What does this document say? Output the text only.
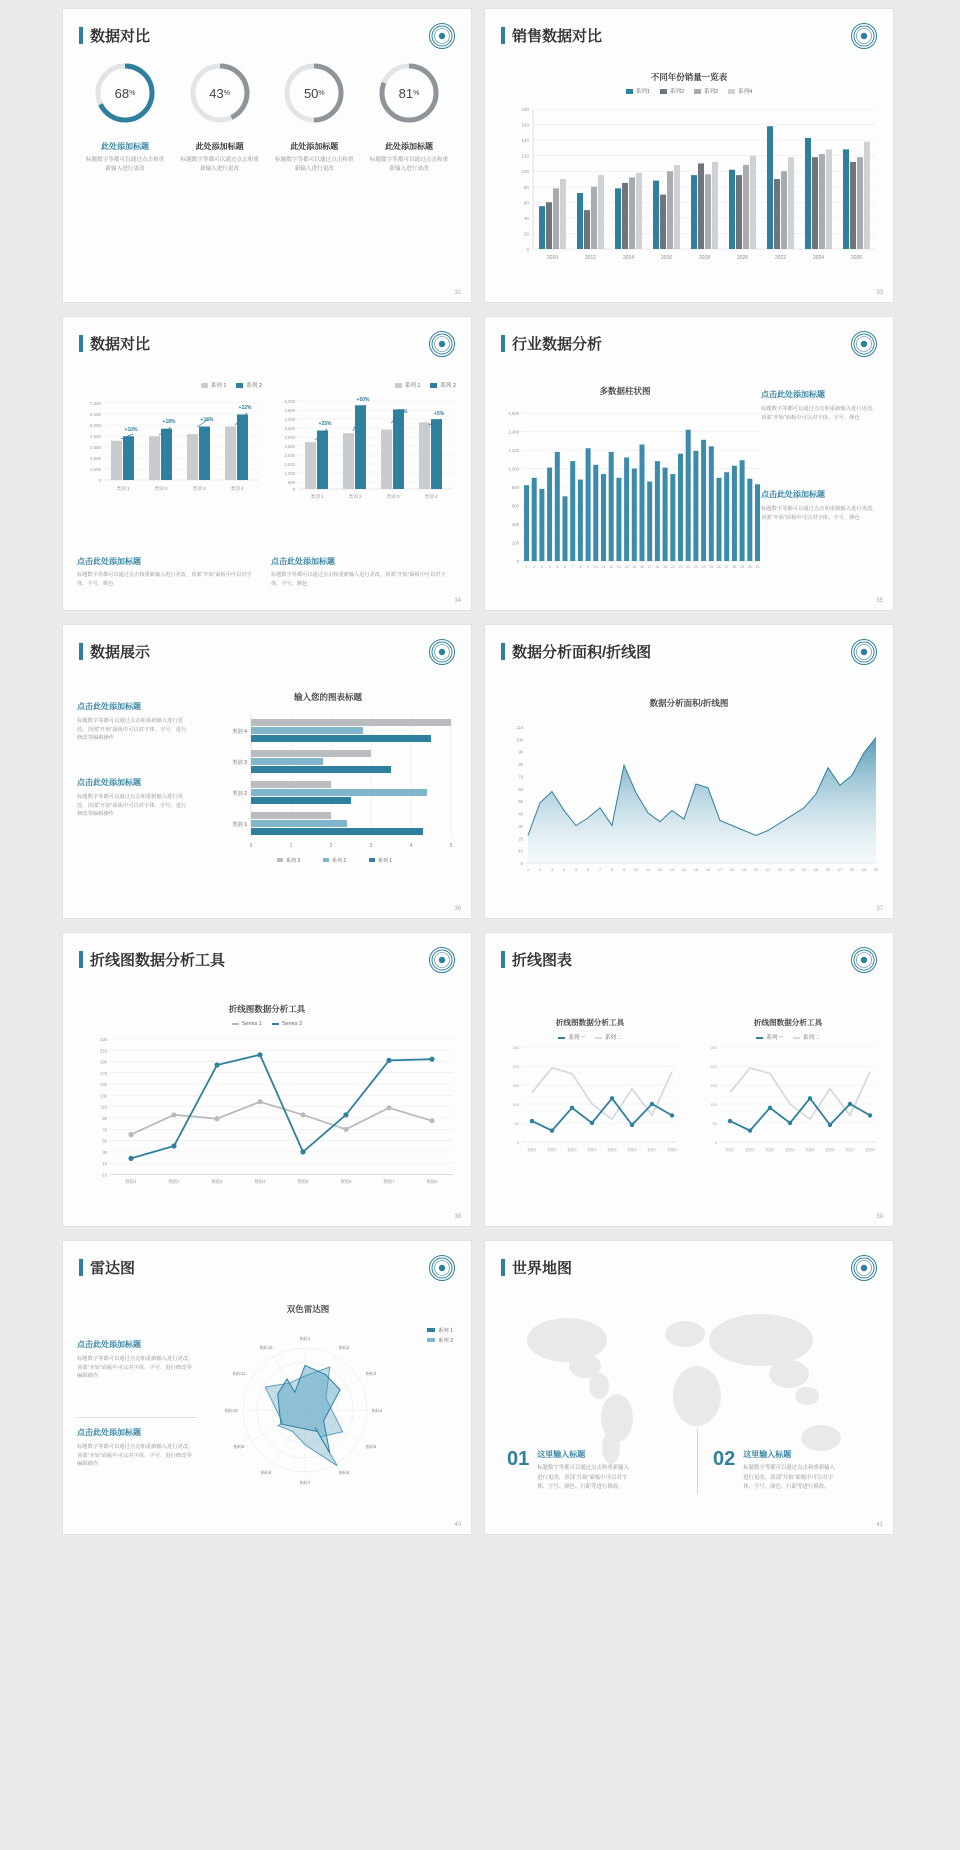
数据对比
68 %
此处添加标题
标题数字等都可以通过点击和重新输入进行更改
43 %
此处添加标题
标题数字等都可以通过点击和重新输入进行更改
50 %
此处添加标题
标题数字等都可以通过点击和重新输入进行更改
81 %
此处添加标题
标题数字等都可以通过点击和重新输入进行更改
32
销售数据对比
不同年份销量一览表
系列1	系列2	系列3	系列4
0
20
40
60
80
100
120
140
160
180
2010	2012	2014	2016	2018	2020	2022	2024	2026
33
数据对比
系列 1	系列 2
7,300
6,000
5,000
4,000
3,000
2,000
1,000
0
+10%
+18%	+16%
+22%
类别 1	类别 2	类别 3	类别 4
系列 1	系列 2
5,000
4,500
4,000
3,500
3,000
2,500
2,000
1,500
1,000
500
0
+25%
+50%
+34%	+5%
类别 1	类别 2	类别 3	类别 4
点击此处添加标题
标题数字等都可以通过点击和重新输入进行更改，顶部“开始”面板中可以对字体、字号、颜色
点击此处添加标题
标题数字等都可以通过点击和重新输入进行更改，顶部“开始”面板中可以对字体、字号、颜色
34
行业数据分析
多数据柱状图
1,600
1,400
1,200
1,000
800
600
400
200
0
1 2 3 4 5 6 7 8 9 10 11 12 13 14 15 16 17 18 19 20 21 22 23 24 25 26 27 28 29 30 31
点击此处添加标题
标题数字等都可以通过点击和重新输入进行更改，顶部“开始”面板中可以对字体、字号、颜色
点击此处添加标题
标题数字等都可以通过点击和重新输入进行更改，顶部“开始”面板中可以对字体、字号、颜色
35
数据展示
点击此处添加标题
标题数字等都可以通过点击和重新输入进行更改，顶部“开始”面板中可以对字体、字号、进行修改等编辑操作
点击此处添加标题
标题数字等都可以通过点击和重新输入进行更改，顶部“开始”面板中可以对字体、字号、进行修改等编辑操作
输入您的图表标题
类别 4
类别 3
类别 2
类别 1
0	1	2	3	4	5
系列 3	系列 2	系列 1
36
数据分析面积/折线图
数据分析面积/折线图
110
100
90
80
70
60
50
40
30
20
10
0
1	2	3	4	5	6	7	8	9 10 11 12 13 14 15 16 17 18 19 20 21 22 23 24 25 26 27 28 29 30
37
折线图数据分析工具
折线图数据分析工具
Series 1	Series 2
230
210
190
170
150
130
110
90
70
50
30
10
-10
数据1	数据2	数据3	数据4	数据5	数据6	数据7	数据8
38
折线图表
折线图数据分析工具
系列一	系列二
250
200
150
100
50
0
数据1	数据2	数据3	数据4	数据5	数据6	数据7	数据8
折线图数据分析工具
系列一	系列二
250
200
150
100
50
0
数据1	数据2	数据3	数据4	数据5	数据6	数据7	数据8
39
雷达图
点击此处添加标题
标题数字等都可以通过点击和重新输入进行更改，顶部“开始”面板中可以对字体、字号、进行修改等编辑操作
点击此处添加标题
标题数字等都可以通过点击和重新输入进行更改，顶部“开始”面板中可以对字体、字号、进行修改等编辑操作
双色雷达图
系列 1
系列 2
指标1
指标2
指标3
指标4
指标5
指标6
指标7
指标8
指标9
指标10
指标11
指标12
40
世界地图
01 这里输入标题
标题数字等都可以通过点击和重新输入进行更改，顶部“开始”面板中可以对字体、字号、颜色、行距等进行修改。
02 这里输入标题
标题数字等都可以通过点击和重新输入进行更改，顶部“开始”面板中可以对字体、字号、颜色、行距等进行修改。
41
